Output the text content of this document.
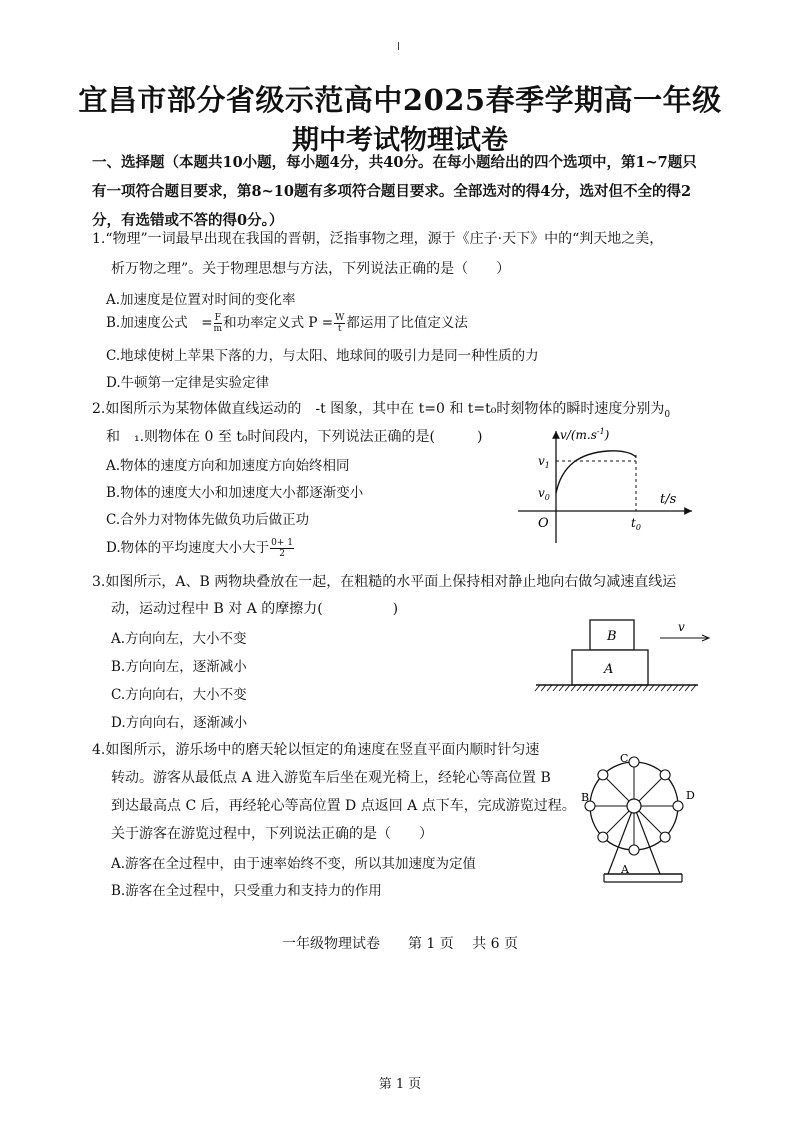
宜昌市部分省级示范高中2025春季学期高一年级
期中考试物理试卷
一、选择题（本题共10小题，每小题4分，共40分。在每小题给出的四个选项中，第1~7题只
有一项符合题目要求，第8~10题有多项符合题目要求。全部选对的得4分，选对但不全的得2
分，有选错或不答的得0分。）
1.“物理”一词最早出现在我国的晋朝，泛指事物之理，源于《庄子·天下》中的“判天地之美，
析万物之理”。关于物理思想与方法，下列说法正确的是（　　）
A.加速度是位置对时间的变化率
B.加速度公式　= $\frac{F}{m}$ 和功率定义式 $P = \frac{W}{t}$ 都运用了比值定义法
C.地球使树上苹果下落的力，与太阳、地球间的吸引力是同一种性质的力
D.牛顿第一定律是实验定律
2.如图所示为某物体做直线运动的　-t 图象，其中在 t=0 和 t=t₀时刻物体的瞬时速度分别为$_0$
和　₁.则物体在 0 至 t₀时间段内，下列说法正确的是(　　　)
A.物体的速度方向和加速度方向始终相同
B.物体的速度大小和加速度大小都逐渐变小
C.合外力对物体先做负功后做正功
D.物体的平均速度大小大于 $\frac{0+ 1}{2}$
$v/(m.s^{-1})$
t/s
O
$v_1$
$v_0$
$t_0$
3.如图所示，A、B 两物块叠放在一起，在粗糙的水平面上保持相对静止地向右做匀减速直线运
动，运动过程中 B 对 A 的摩擦力(　　　　　)
A.方向向左，大小不变
B.方向向左，逐渐减小
C.方向向右，大小不变
D.方向向右，逐渐减小
B
A
v
4.如图所示，游乐场中的磨天轮以恒定的角速度在竖直平面内顺时针匀速
转动。游客从最低点 A 进入游览车后坐在观光椅上，经轮心等高位置 B
到达最高点 C 后，再经轮心等高位置 D 点返回 A 点下车，完成游览过程。
关于游客在游览过程中，下列说法正确的是（　　）
A.游客在全过程中，由于速率始终不变，所以其加速度为定值
B.游客在全过程中，只受重力和支持力的作用
C
B	D
A
一年级物理试卷　　第 1 页　 共 6 页
第 1 页
